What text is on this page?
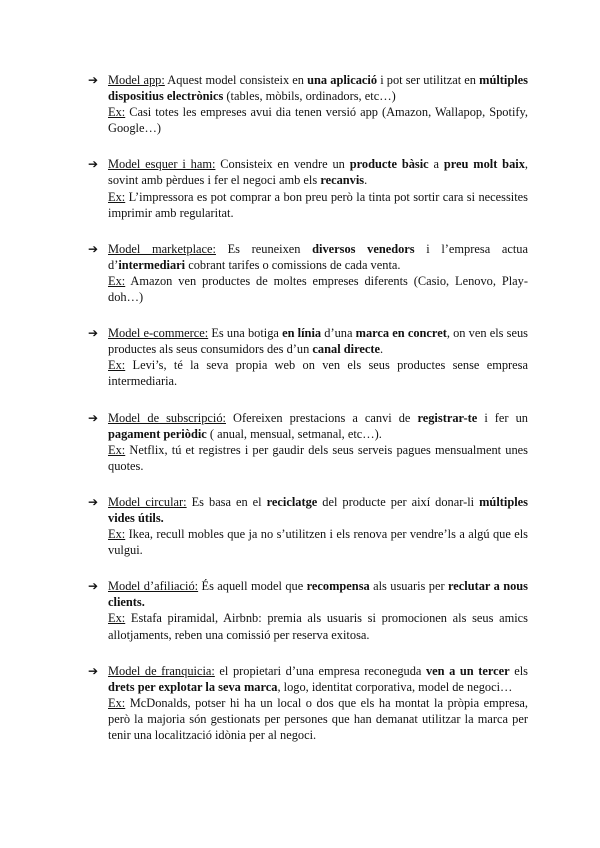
➔ Model app: Aquest model consisteix en una aplicació i pot ser utilitzat en múltiples dispositius electrònics (tables, mòbils, ordinadors, etc…)
Ex: Casi totes les empreses avui dia tenen versió app (Amazon, Wallapop, Spotify, Google…)
➔ Model esquer i ham: Consisteix en vendre un producte bàsic a preu molt baix, sovint amb pèrdues i fer el negoci amb els recanvis.
Ex: L’impressora es pot comprar a bon preu però la tinta pot sortir cara si necessites imprimir amb regularitat.
➔ Model marketplace: Es reuneixen diversos venedors i l’empresa actua d’intermediari cobrant tarifes o comissions de cada venta.
Ex: Amazon ven productes de moltes empreses diferents (Casio, Lenovo, Play-doh…)
➔ Model e-commerce: Es una botiga en línia d’una marca en concret, on ven els seus productes als seus consumidors des d’un canal directe.
Ex: Levi’s, té la seva propia web on ven els seus productes sense empresa intermediaria.
➔ Model de subscripció: Ofereixen prestacions a canvi de registrar-te i fer un pagament periòdic ( anual, mensual, setmanal, etc…).
Ex: Netflix, tú et registres i per gaudir dels seus serveis pagues mensualment unes quotes.
➔ Model circular: Es basa en el reciclatge del producte per així donar-li múltiples vides útils.
Ex: Ikea, recull mobles que ja no s’utilitzen i els renova per vendre’ls a algú que els vulgui.
➔ Model d’afiliació: És aquell model que recompensa als usuaris per reclutar a nous clients.
Ex: Estafa piramidal, Airbnb: premia als usuaris si promocionen als seus amics allotjaments, reben una comissió per reserva exitosa.
➔ Model de franquicia: el propietari d’una empresa reconeguda ven a un tercer els drets per explotar la seva marca, logo, identitat corporativa, model de negoci…
Ex: McDonalds, potser hi ha un local o dos que els ha montat la pròpia empresa, però la majoria són gestionats per persones que han demanat utilitzar la marca per tenir una localització idònia per al negoci.
